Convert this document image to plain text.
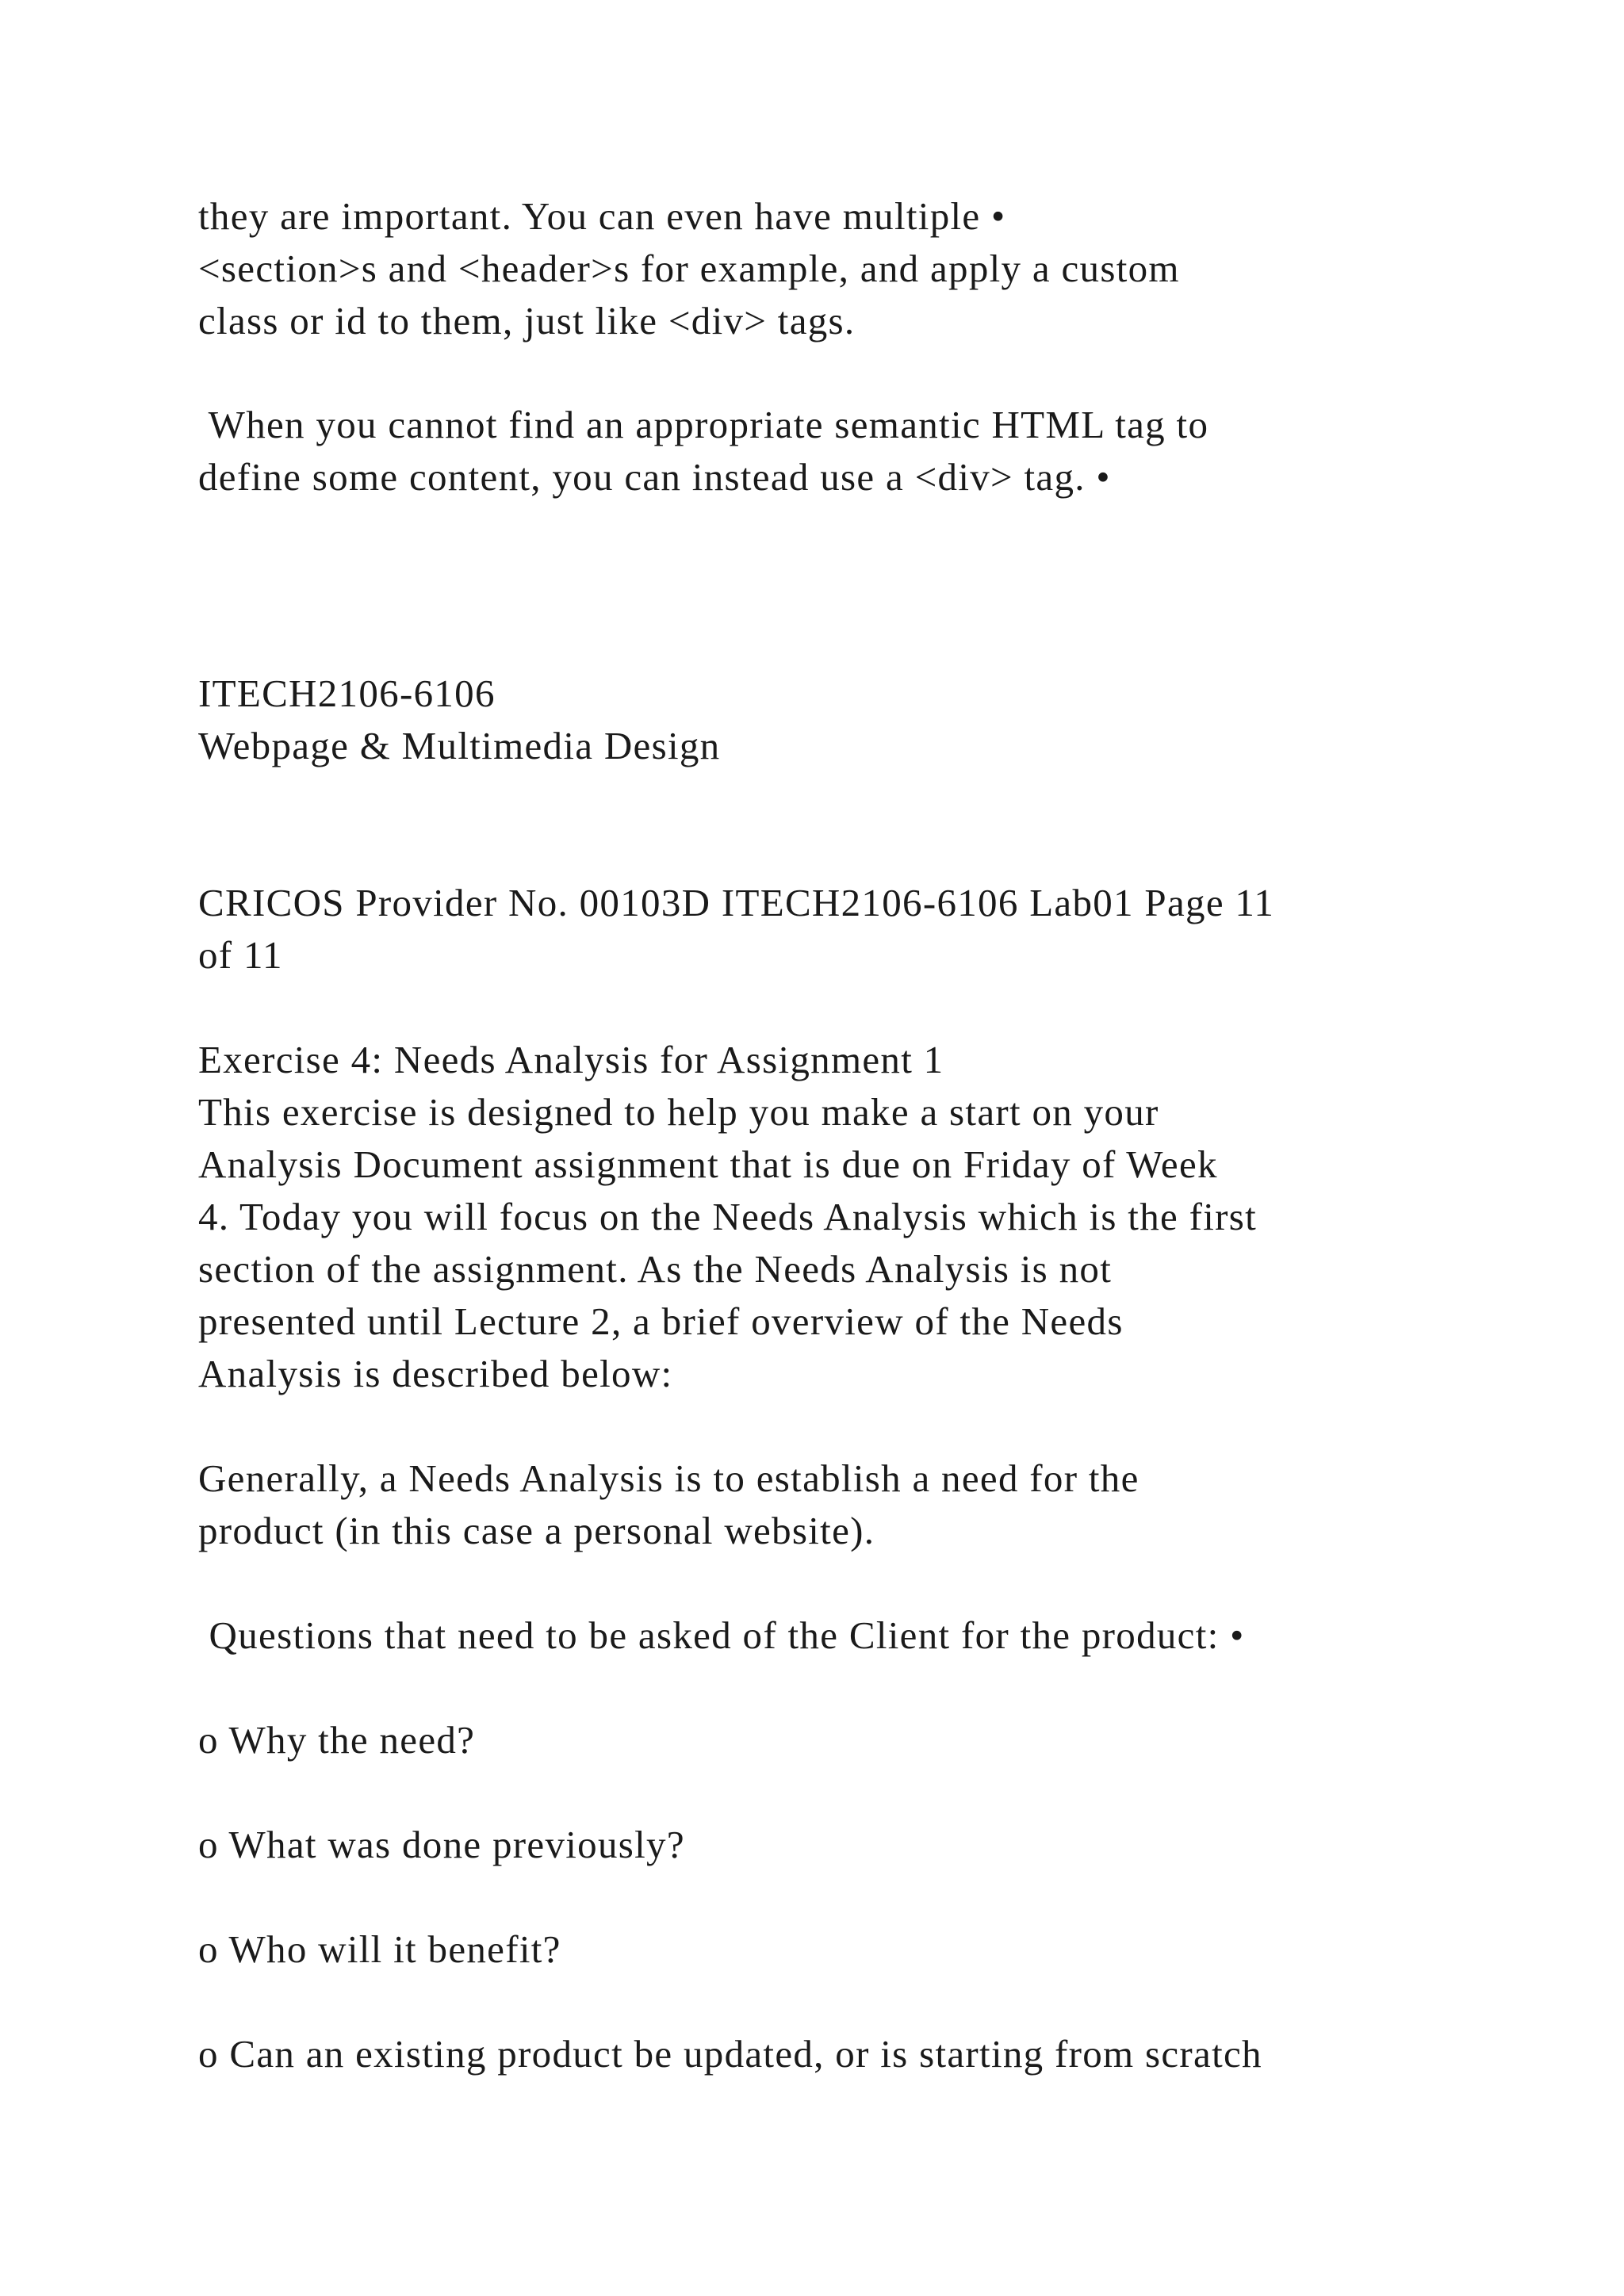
they are important. You can even have multiple •

<section>s and <header>s for example, and apply a custom

class or id to them, just like <div> tags.

When you cannot find an appropriate semantic HTML tag to

define some content, you can instead use a <div> tag. •

ITECH2106-6106

Webpage & Multimedia Design

CRICOS Provider No. 00103D ITECH2106-6106 Lab01 Page 11

of 11

Exercise 4: Needs Analysis for Assignment 1

This exercise is designed to help you make a start on your

Analysis Document assignment that is due on Friday of Week

4. Today you will focus on the Needs Analysis which is the first

section of the assignment. As the Needs Analysis is not

presented until Lecture 2, a brief overview of the Needs

Analysis is described below:

Generally, a Needs Analysis is to establish a need for the

product (in this case a personal website).

Questions that need to be asked of the Client for the product: •

o Why the need?

o What was done previously?

o Who will it benefit?

o Can an existing product be updated, or is starting from scratch
